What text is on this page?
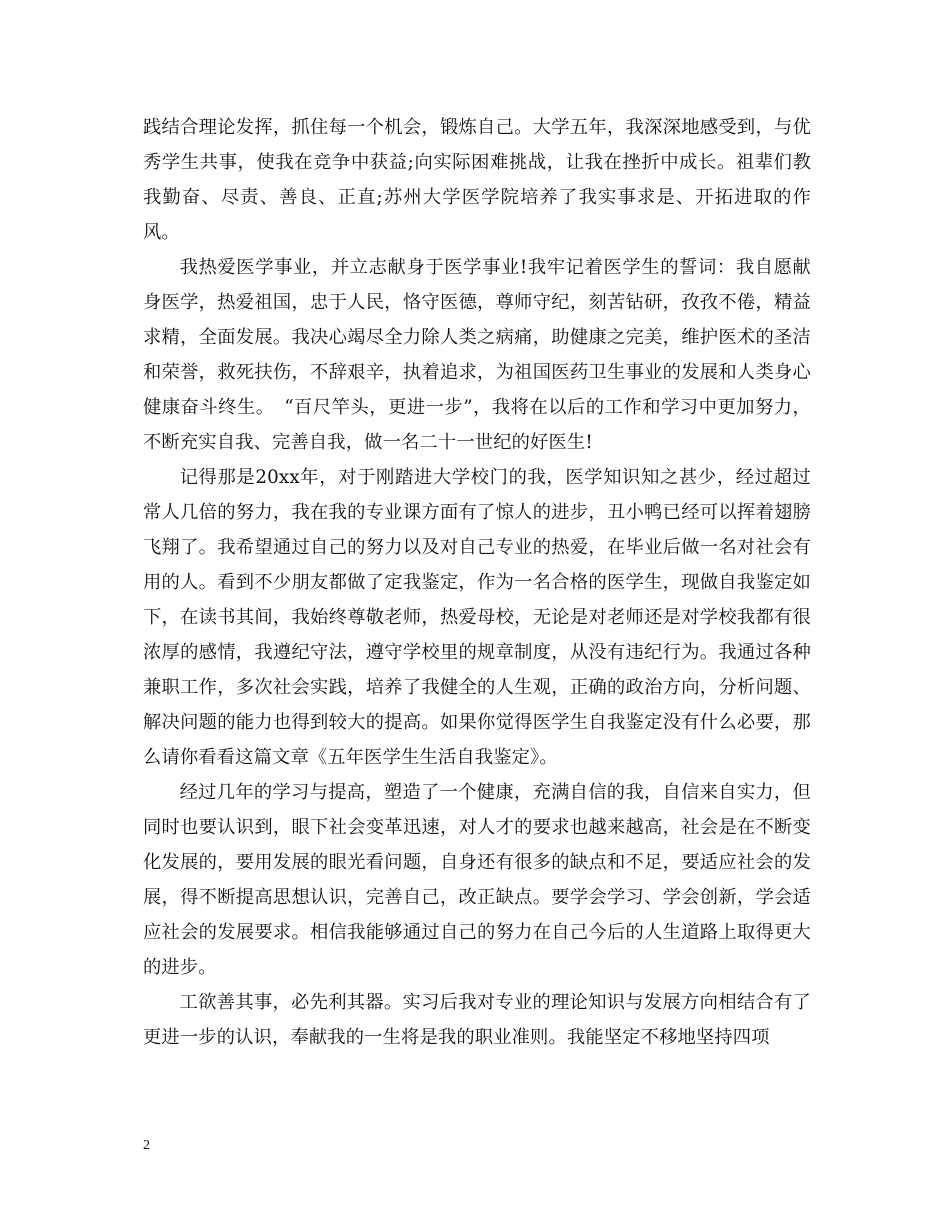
践结合理论发挥，抓住每一个机会，锻炼自己。大学五年，我深深地感受到，与优秀学生共事，使我在竞争中获益;向实际困难挑战，让我在挫折中成长。祖辈们教我勤奋、尽责、善良、正直;苏州大学医学院培养了我实事求是、开拓进取的作风。

我热爱医学事业，并立志献身于医学事业!我牢记着医学生的誓词：我自愿献身医学，热爱祖国，忠于人民，恪守医德，尊师守纪，刻苦钻研，孜孜不倦，精益求精，全面发展。我决心竭尽全力除人类之病痛，助健康之完美，维护医术的圣洁和荣誉，救死扶伤，不辞艰辛，执着追求，为祖国医药卫生事业的发展和人类身心健康奋斗终生。　“百尺竿头，更进一步”，我将在以后的工作和学习中更加努力，不断充实自我、完善自我，做一名二十一世纪的好医生!

记得那是20xx年，对于刚踏进大学校门的我，医学知识知之甚少，经过超过常人几倍的努力，我在我的专业课方面有了惊人的进步，丑小鸭已经可以挥着翅膀飞翔了。我希望通过自己的努力以及对自己专业的热爱，在毕业后做一名对社会有用的人。看到不少朋友都做了定我鉴定，作为一名合格的医学生，现做自我鉴定如下，在读书其间，我始终尊敬老师，热爱母校，无论是对老师还是对学校我都有很浓厚的感情，我遵纪守法，遵守学校里的规章制度，从没有违纪行为。我通过各种兼职工作，多次社会实践，培养了我健全的人生观，正确的政治方向，分析问题、解决问题的能力也得到较大的提高。如果你觉得医学生自我鉴定没有什么必要，那么请你看看这篇文章《五年医学生生活自我鉴定》。

经过几年的学习与提高，塑造了一个健康，充满自信的我，自信来自实力，但同时也要认识到，眼下社会变革迅速，对人才的要求也越来越高，社会是在不断变化发展的，要用发展的眼光看问题，自身还有很多的缺点和不足，要适应社会的发展，得不断提高思想认识，完善自己，改正缺点。要学会学习、学会创新，学会适应社会的发展要求。相信我能够通过自己的努力在自己今后的人生道路上取得更大的进步。

工欲善其事，必先利其器。实习后我对专业的理论知识与发展方向相结合有了更进一步的认识，奉献我的一生将是我的职业准则。我能坚定不移地坚持四项

2
